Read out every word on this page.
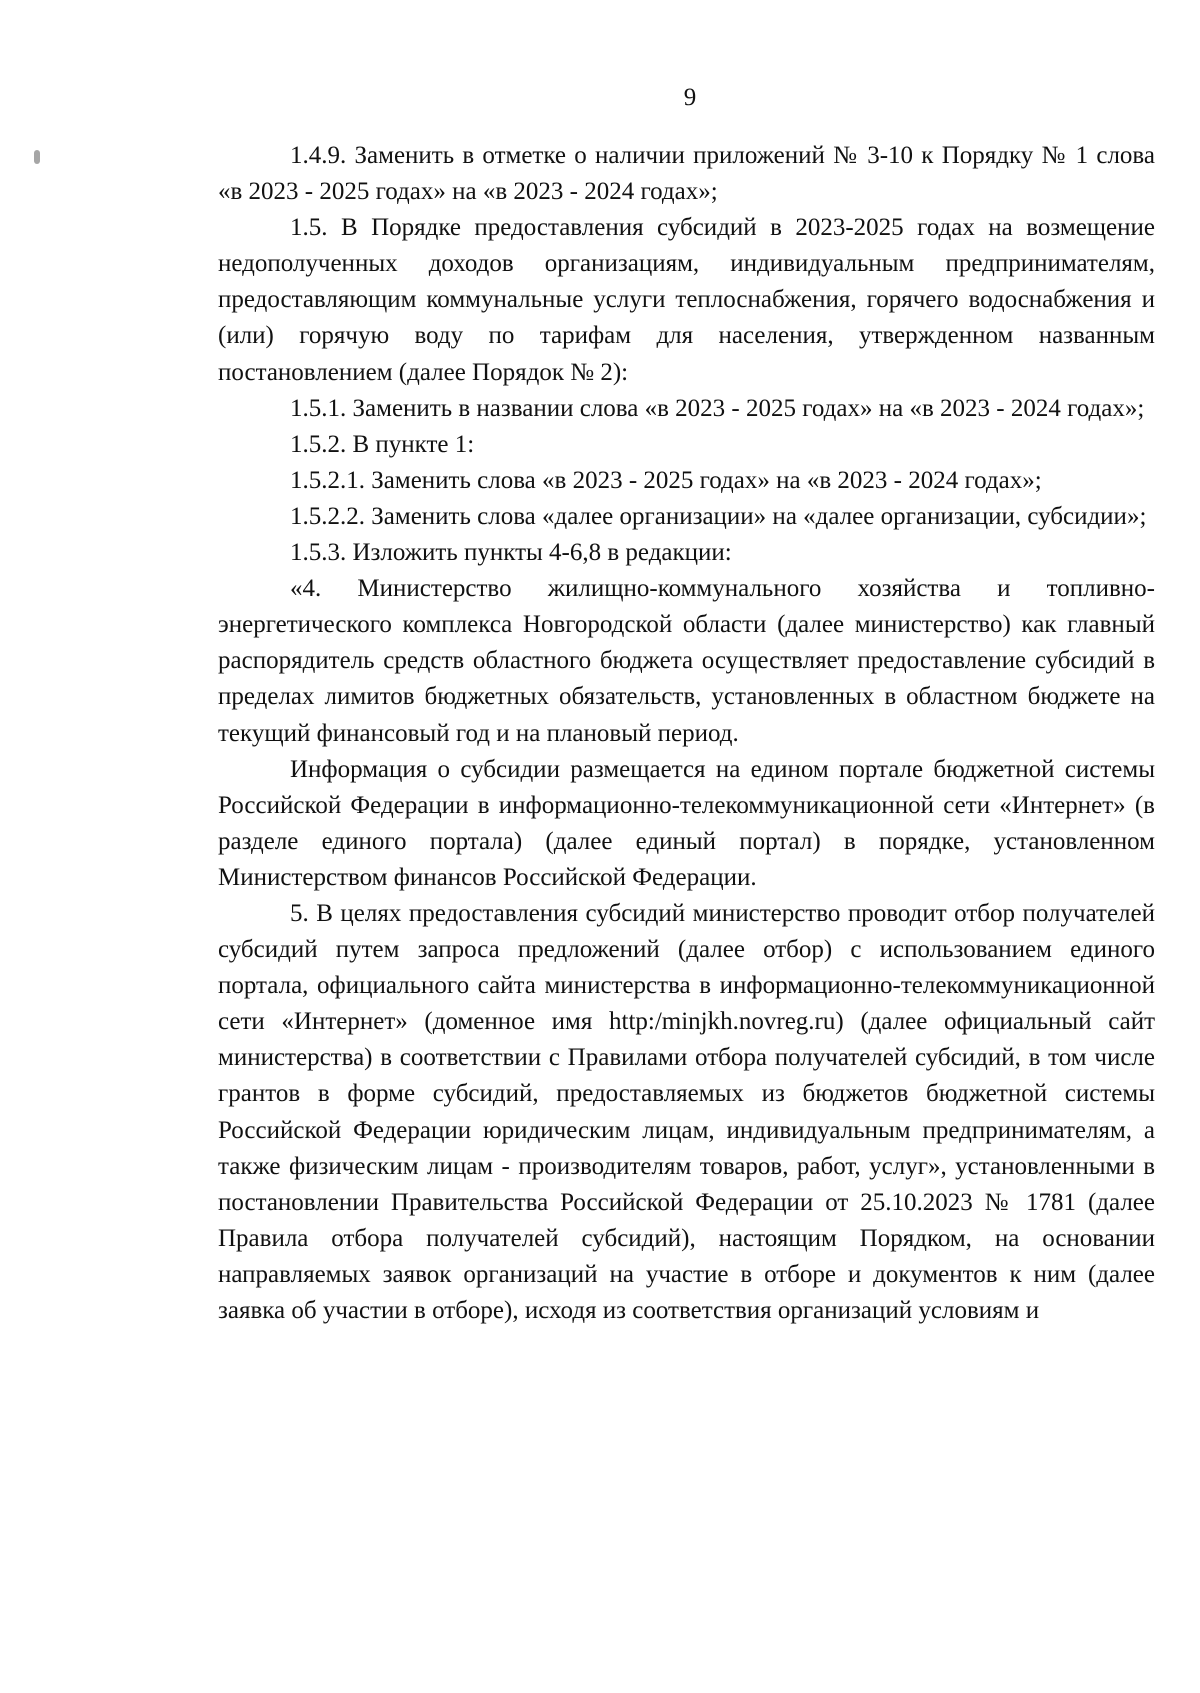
9

1.4.9. Заменить в отметке о наличии приложений № 3-10 к Порядку № 1 слова «в 2023 - 2025 годах» на «в 2023 - 2024 годах»;

1.5. В Порядке предоставления субсидий в 2023-2025 годах на возмещение недополученных доходов организациям, индивидуальным предпринимателям, предоставляющим коммунальные услуги теплоснабжения, горячего водоснабжения и (или) горячую воду по тарифам для населения, утвержденном названным постановлением (далее Порядок № 2):

1.5.1. Заменить в названии слова «в 2023 - 2025 годах» на «в 2023 - 2024 годах»;

1.5.2. В пункте 1:

1.5.2.1. Заменить слова «в 2023 - 2025 годах» на «в 2023 - 2024 годах»;

1.5.2.2. Заменить слова «далее организации» на «далее организации, субсидии»;

1.5.3. Изложить пункты 4-6,8 в редакции:

«4. Министерство жилищно-коммунального хозяйства и топливно-энергетического комплекса Новгородской области (далее министерство) как главный распорядитель средств областного бюджета осуществляет предоставление субсидий в пределах лимитов бюджетных обязательств, установленных в областном бюджете на текущий финансовый год и на плановый период.

Информация о субсидии размещается на едином портале бюджетной системы Российской Федерации в информационно-телекоммуникационной сети «Интернет» (в разделе единого портала) (далее единый портал) в порядке, установленном Министерством финансов Российской Федерации.

5. В целях предоставления субсидий министерство проводит отбор получателей субсидий путем запроса предложений (далее отбор) с использованием единого портала, официального сайта министерства в информационно-телекоммуникационной сети «Интернет» (доменное имя http:/minjkh.novreg.ru) (далее официальный сайт министерства) в соответствии с Правилами отбора получателей субсидий, в том числе грантов в форме субсидий, предоставляемых из бюджетов бюджетной системы Российской Федерации юридическим лицам, индивидуальным предпринимателям, а также физическим лицам - производителям товаров, работ, услуг», установленными в постановлении Правительства Российской Федерации от 25.10.2023 № 1781 (далее Правила отбора получателей субсидий), настоящим Порядком, на основании направляемых заявок организаций на участие в отборе и документов к ним (далее заявка об участии в отборе), исходя из соответствия организаций условиям и
